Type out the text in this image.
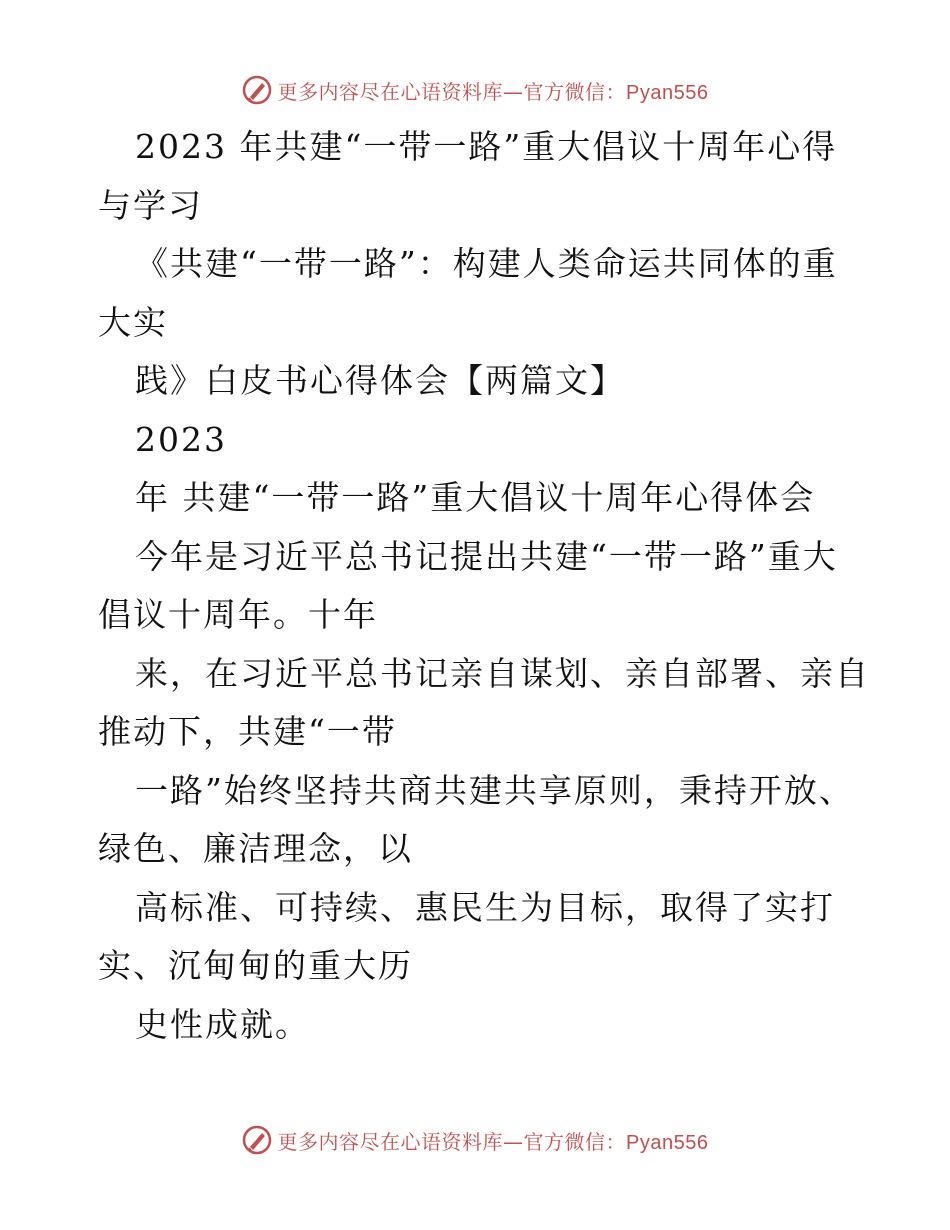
更多内容尽在心语资料库—官方微信：Pyan556
2023 年共建“一带一路”重大倡议十周年心得
与学习
《共建“一带一路”：构建人类命运共同体的重
大实
践》白皮书心得体会【两篇文】
2023
年 共建“一带一路”重大倡议十周年心得体会
今年是习近平总书记提出共建“一带一路”重大
倡议十周年。十年
来，在习近平总书记亲自谋划、亲自部署、亲自
推动下，共建“一带
一路”始终坚持共商共建共享原则，秉持开放、
绿色、廉洁理念，以
高标准、可持续、惠民生为目标，取得了实打
实、沉甸甸的重大历
史性成就。
更多内容尽在心语资料库—官方微信：Pyan556
